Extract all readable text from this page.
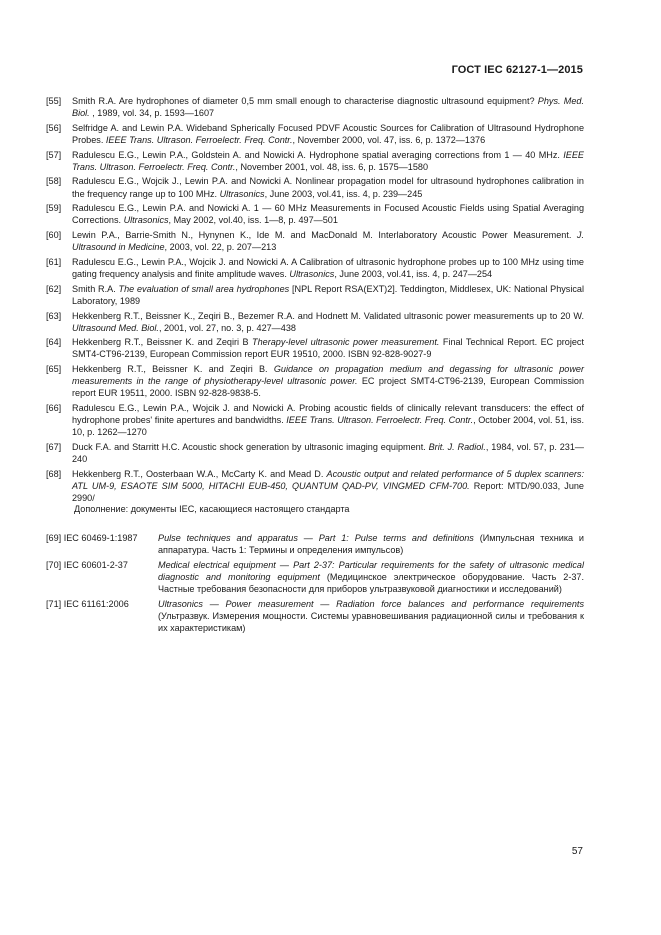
ГОСТ IEC 62127-1—2015
[55] Smith R.A. Are hydrophones of diameter 0,5 mm small enough to characterise diagnostic ultrasound equipment? Phys. Med. Biol. , 1989, vol. 34, p. 1593—1607
[56] Selfridge A. and Lewin P.A. Wideband Spherically Focused PDVF Acoustic Sources for Calibration of Ultrasound Hydrophone Probes. IEEE Trans. Ultrason. Ferroelectr. Freq. Contr., November 2000, vol. 47, iss. 6, p. 1372—1376
[57] Radulescu E.G., Lewin P.A., Goldstein A. and Nowicki A. Hydrophone spatial averaging corrections from 1 — 40 MHz. IEEE Trans. Ultrason. Ferroelectr. Freq. Contr., November 2001, vol. 48, iss. 6, p. 1575—1580
[58] Radulescu E.G., Wojcik J., Lewin P.A. and Nowicki A. Nonlinear propagation model for ultrasound hydrophones calibration in the frequency range up to 100 MHz. Ultrasonics, June 2003, vol.41, iss. 4, p. 239—245
[59] Radulescu E.G., Lewin P.A. and Nowicki A. 1 — 60 MHz Measurements in Focused Acoustic Fields using Spatial Averaging Corrections. Ultrasonics, May 2002, vol.40, iss. 1—8, p. 497—501
[60] Lewin P.A., Barrie-Smith N., Hynynen K., Ide M. and MacDonald M. Interlaboratory Acoustic Power Measurement. J. Ultrasound in Medicine, 2003, vol. 22, p. 207—213
[61] Radulescu E.G., Lewin P.A., Wojcik J. and Nowicki A. A Calibration of ultrasonic hydrophone probes up to 100 MHz using time gating frequency analysis and finite amplitude waves. Ultrasonics, June 2003, vol.41, iss. 4, p. 247—254
[62] Smith R.A. The evaluation of small area hydrophones [NPL Report RSA(EXT)2]. Teddington, Middlesex, UK: National Physical Laboratory, 1989
[63] Hekkenberg R.T., Beissner K., Zeqiri B., Bezemer R.A. and Hodnett M. Validated ultrasonic power measurements up to 20 W. Ultrasound Med. Biol., 2001, vol. 27, no. 3, p. 427—438
[64] Hekkenberg R.T., Beissner K. and Zeqiri B Therapy-level ultrasonic power measurement. Final Technical Report. EC project SMT4-CT96-2139, European Commission report EUR 19510, 2000. ISBN 92-828-9027-9
[65] Hekkenberg R.T., Beissner K. and Zeqiri B. Guidance on propagation medium and degassing for ultrasonic power measurements in the range of physiotherapy-level ultrasonic power. EC project SMT4-CT96-2139, European Commission report EUR 19511, 2000. ISBN 92-828-9838-5.
[66] Radulescu E.G., Lewin P.A., Wojcik J. and Nowicki A. Probing acoustic fields of clinically relevant transducers: the effect of hydrophone probes' finite apertures and bandwidths. IEEE Trans. Ultrason. Ferroelectr. Freq. Contr., October 2004, vol. 51, iss. 10, p. 1262—1270
[67] Duck F.A. and Starritt H.C. Acoustic shock generation by ultrasonic imaging equipment. Brit. J. Radiol., 1984, vol. 57, p. 231—240
[68] Hekkenberg R.T., Oosterbaan W.A., McCarty K. and Mead D. Acoustic output and related performance of 5 duplex scanners: ATL UM-9, ESAOTE SIM 5000, HITACHI EUB-450, QUANTUM QAD-PV, VINGMED CFM-700. Report: MTD/90.033, June 2990/
Дополнение: документы IEC, касающиеся настоящего стандарта
[69] IEC 60469-1:1987	Pulse techniques and apparatus — Part 1: Pulse terms and definitions (Импульсная техника и аппаратура. Часть 1: Термины и определения импульсов)
[70] IEC 60601-2-37	Medical electrical equipment — Part 2-37: Particular requirements for the safety of ultrasonic medical diagnostic and monitoring equipment (Медицинское электрическое оборудование. Часть 2-37. Частные требования безопасности для приборов ультразвуковой диагностики и исследований)
[71] IEC 61161:2006	Ultrasonics — Power measurement — Radiation force balances and performance requirements (Ультразвук. Измерения мощности. Системы уравновешивания радиационной силы и требования к их характеристикам)
57
